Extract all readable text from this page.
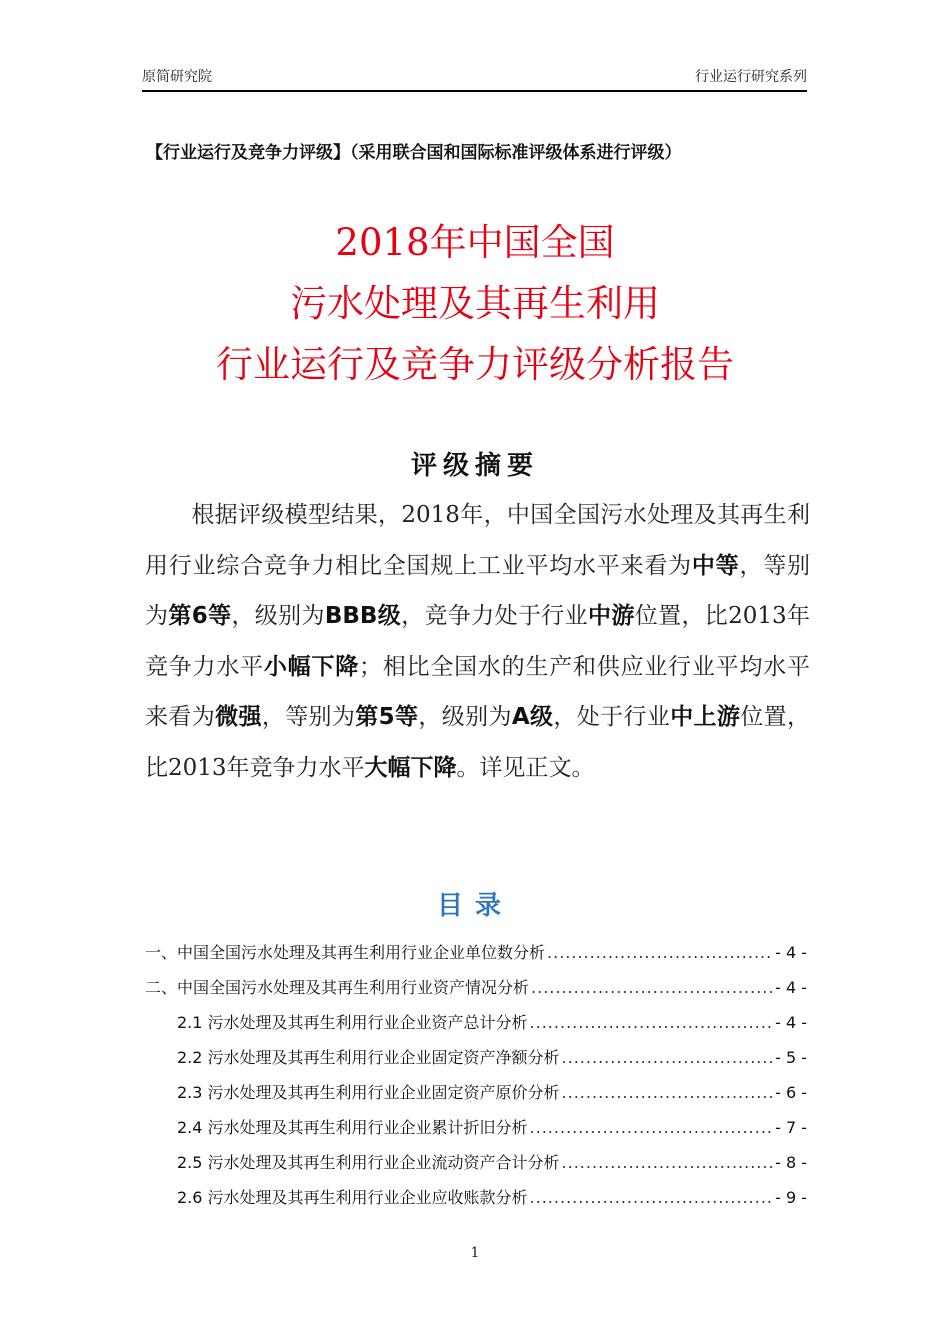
原简研究院	行业运行研究系列
【行业运行及竞争力评级】（采用联合国和国际标准评级体系进行评级）
2018年中国全国
污水处理及其再生利用
行业运行及竞争力评级分析报告
评级摘要
根据评级模型结果，2018年，中国全国污水处理及其再生利用行业综合竞争力相比全国规上工业平均水平来看为中等，等别为第6等，级别为BBB级，竞争力处于行业中游位置，比2013年竞争力水平小幅下降；相比全国水的生产和供应业行业平均水平来看为微强，等别为第5等，级别为A级，处于行业中上游位置，比2013年竞争力水平大幅下降。详见正文。
目录
一、中国全国污水处理及其再生利用行业企业单位数分析 .....	- 4 -
二、中国全国污水处理及其再生利用行业资产情况分析 .....	- 4 -
2.1 污水处理及其再生利用行业企业资产总计分析 .....	- 4 -
2.2 污水处理及其再生利用行业企业固定资产净额分析 .....	- 5 -
2.3 污水处理及其再生利用行业企业固定资产原价分析 .....	- 6 -
2.4 污水处理及其再生利用行业企业累计折旧分析 .....	- 7 -
2.5 污水处理及其再生利用行业企业流动资产合计分析 .....	- 8 -
2.6 污水处理及其再生利用行业企业应收账款分析 .....	- 9 -
1
